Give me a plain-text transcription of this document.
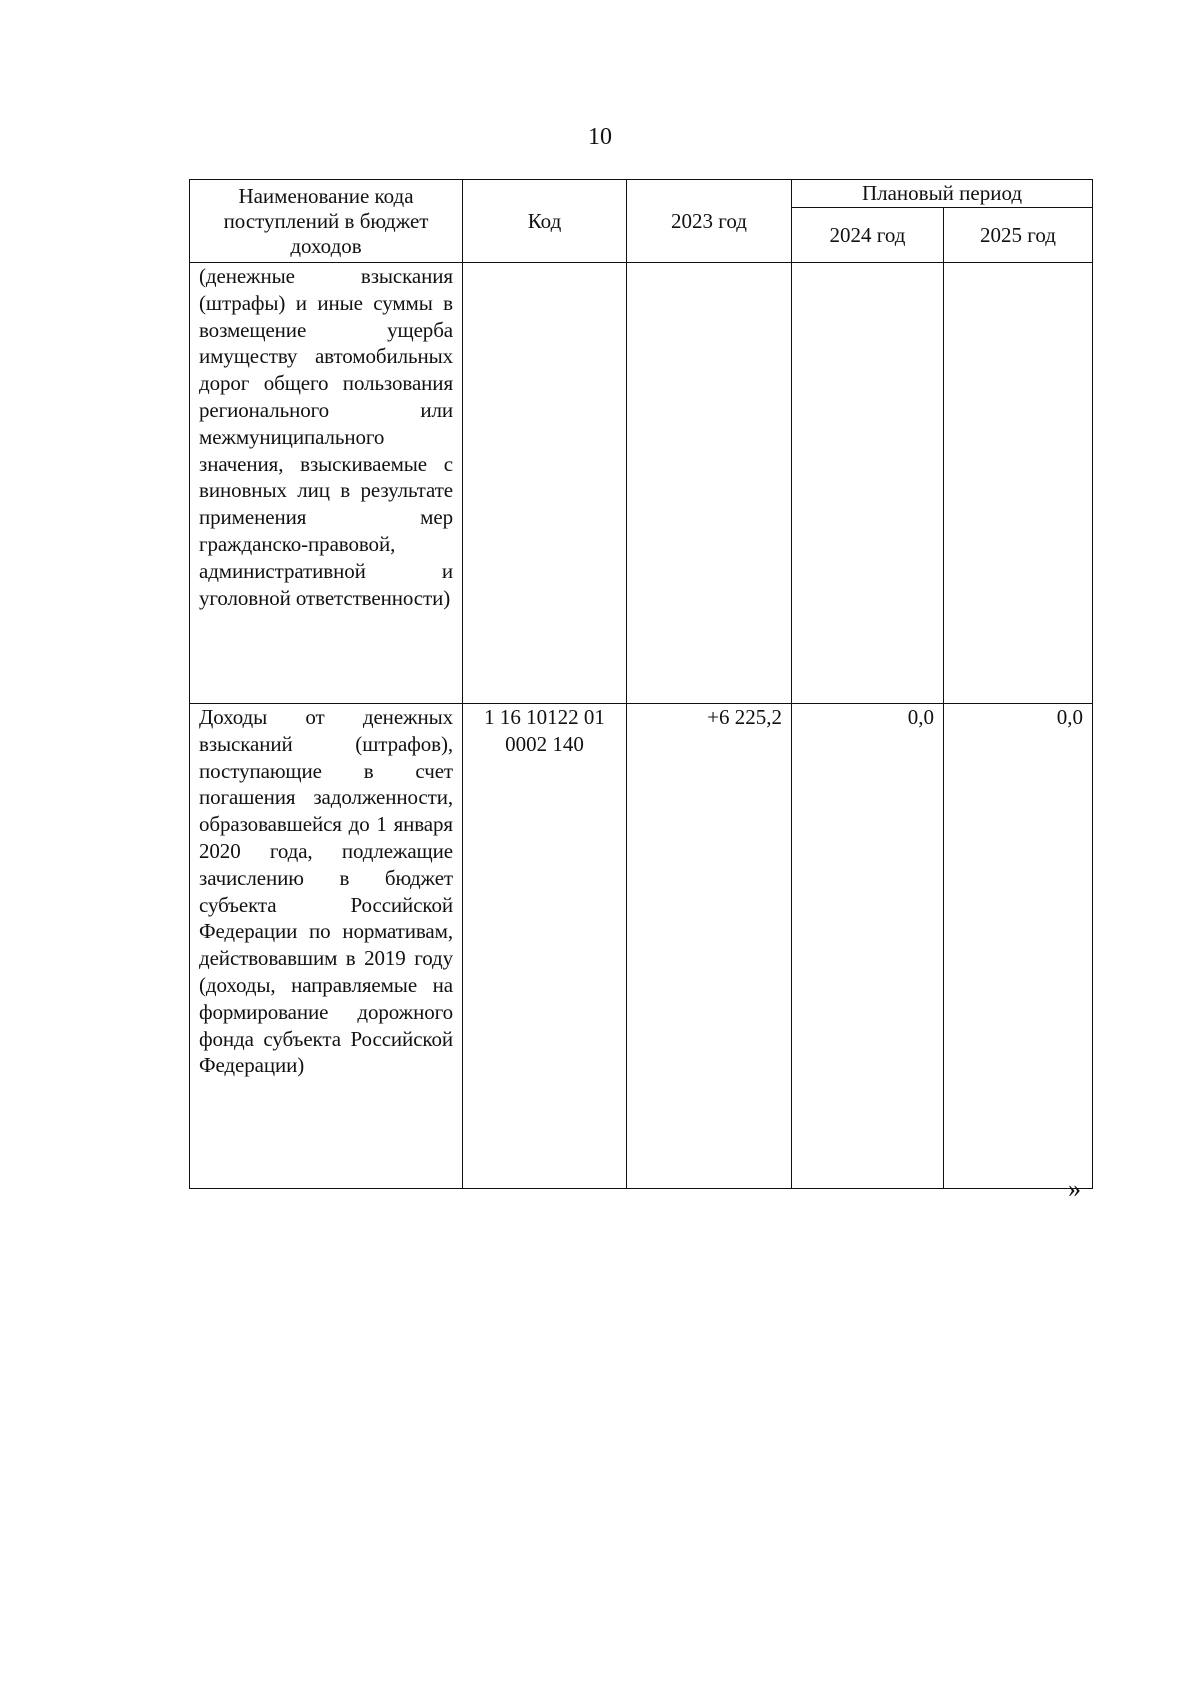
10
Наименование кода поступлений в бюджет доходов	Код	2023 год	Плановый период	
			2024 год	2025 год
(денежные взыскания (штрафы) и иные суммы в возмещение ущерба имуществу автомобильных дорог общего пользования регионального или межмуниципального значения, взыскиваемые с виновных лиц в результате применения мер гражданско-правовой, административной и уголовной ответственности)				
Доходы от денежных взысканий (штрафов), поступающие в счет погашения задолженности, образовавшейся до 1 января 2020 года, подлежащие зачислению в бюджет субъекта Российской Федерации по нормативам, действовавшим в 2019 году (доходы, направляемые на формирование дорожного фонда субъекта Российской Федерации)	1 16 10122 01 0002 140	+6 225,2	0,0	0,0
»
